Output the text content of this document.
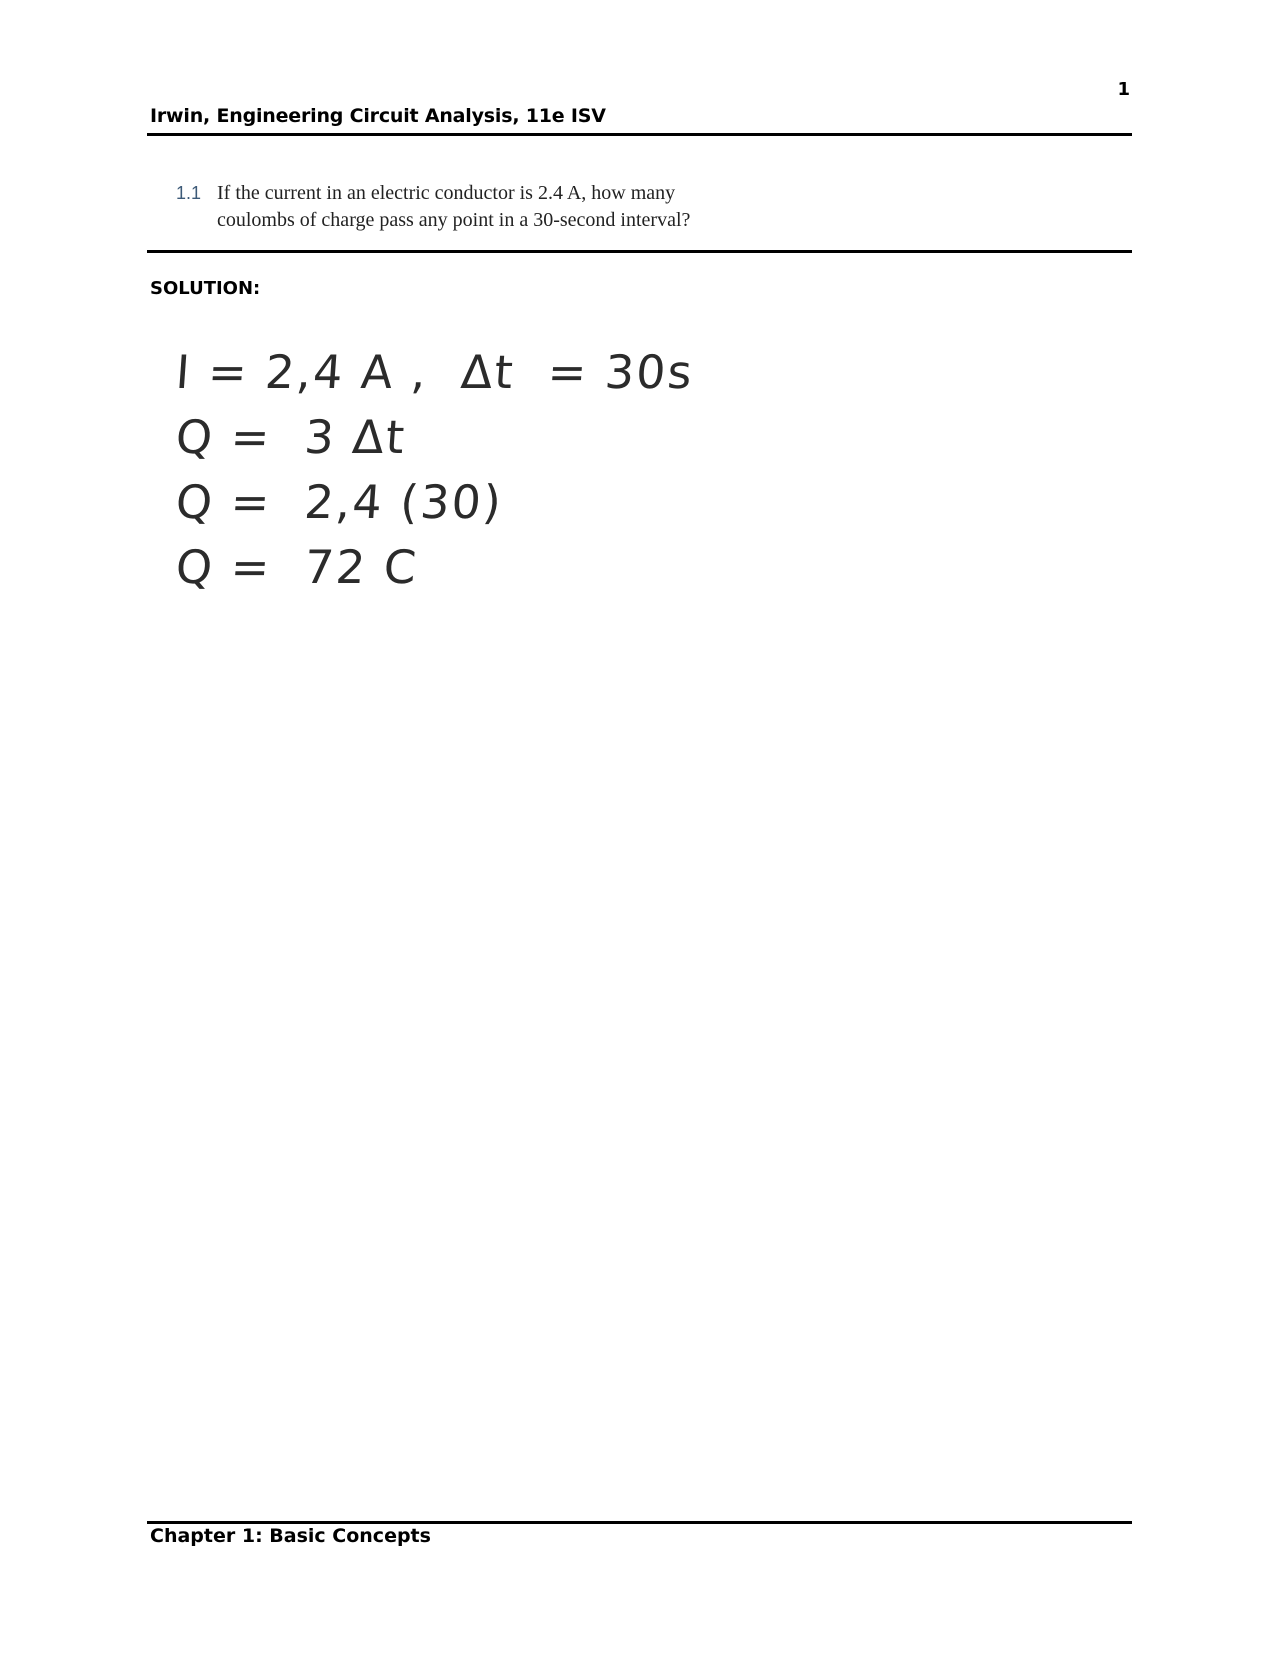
1
Irwin, Engineering Circuit Analysis, 11e ISV
1.1 If the current in an electric conductor is 2.4 A, how many coulombs of charge pass any point in a 30-second interval?
SOLUTION:
I = 2,4 A ,  Δt  = 30s
Q =  3 Δt
Q =  2,4 (30)
Q =  72 C
Chapter 1: Basic Concepts
